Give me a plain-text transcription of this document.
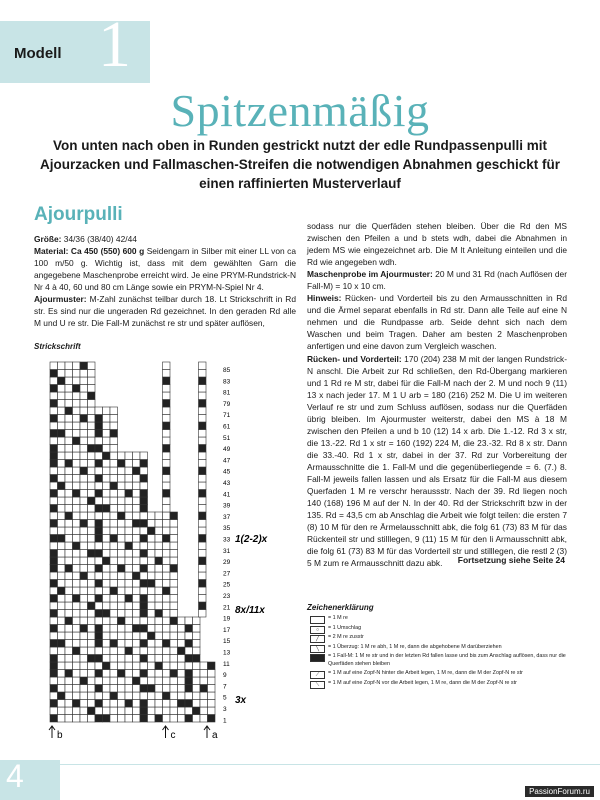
Modell 1
Spitzenmäßig
Von unten nach oben in Runden gestrickt nutzt der edle Rundpassenpulli mit Ajourzacken und Fallmaschen-Streifen die notwendigen Abnahmen geschickt für einen raffinierten Musterverlauf
Ajourpulli

Größe: 34/36 (38/40) 42/44

Material: Ca 450 (550) 600 g Seidengarn in Silber mit einer LL von ca 100 m/50 g. Wichtig ist, dass mit dem gewählten Garn die angegebene Maschenprobe erreicht wird. Je eine PRYM-Rundstrick-N Nr 4 à 40, 60 und 80 cm Länge sowie ein PRYM-N-Spiel Nr 4.

Ajourmuster: M-Zahl zunächst teilbar durch 18. Lt Strickschrift in Rd str. Es sind nur die ungeraden Rd gezeichnet. In den geraden Rd alle M und U re str. Die Fall-M zunächst re str und später auflösen,

sodass nur die Querfäden stehen bleiben. Über die Rd den MS zwischen den Pfeilen a und b stets wdh, dabei die Abnahmen in jedem MS wie eingezeichnet arb. Die M lt Anleitung einteilen und die Rd wie angegeben wdh.

Maschenprobe im Ajourmuster: 20 M und 31 Rd (nach Auflösen der Fall-M) = 10 x 10 cm.

Hinweis: Rücken- und Vorderteil bis zu den Armausschnitten in Rd und die Ärmel separat ebenfalls in Rd str. Dann alle Teile auf eine N nehmen und die Rundpasse arb. Seide dehnt sich nach dem Waschen und beim Tragen. Daher am besten 2 Maschenproben anfertigen und eine davon zum Vergleich waschen.

Rücken- und Vorderteil: 170 (204) 238 M mit der langen Rundstrick-N anschl. Die Arbeit zur Rd schließen, den Rd-Übergang markieren und 1 Rd re M str, dabei für die Fall-M nach der 2. M und noch 9 (11) 13 x nach jeder 17. M 1 U arb = 180 (216) 252 M. Die U im weiteren Verlauf re str und zum Schluss auflösen, sodass nur die Querfäden übrig bleiben. Im Ajourmuster weiterstr, dabei den MS à 18 M zwischen den Pfeilen a und b 10 (12) 14 x arb. Die 1.-12. Rd 3 x str, die 13.-22. Rd 1 x str = 160 (192) 224 M, die 23.-32. Rd 8 x str. Dann die 33.-40. Rd 1 x str, dabei in der 37. Rd zur Vorbereitung der Armausschnitte die 1. Fall-M und die gegenüberliegende = 6. (7.) 8. Fall-M jeweils fallen lassen und als Ersatz für die Fall-M aus diesem Querfaden 1 M re verschr heraussstr. Nach der 39. Rd liegen noch 140 (168) 196 M auf der N. In der 40. Rd der Strickschrift bzw in der 135. Rd = 43,5 cm ab Anschlag die Arbeit wie folgt teilen: die ersten 7 (8) 10 M für den re Ärmelausschnitt abk, die folg 61 (73) 83 M für das Rückenteil str und stilllegen, 9 (11) 15 M für den li Armausschnitt abk, die folg 61 (73) 83 M für das Vorderteil str und stilllegen, die restl 2 (3) 5 M zum re Armausschnitt dazu abk.	Fortsetzung siehe Seite 24
Strickschrift
85
83
81
79
71
61
51
49
47
45
43
41
39
37
35
33
31
29
27
25
23
21
19
17
15
13
11
9
7
5
3
1
1(2-2)x
8x/11x
3x
b	c	a
Zeichenerklärung
= 1 M re
○	= 1 Umschlag
╱	= 2 M re zusstr
╲	= 1 Überzug: 1 M re abh, 1 M re, dann die abgehobene M darüberziehen
= 1 Fall-M: 1 M re str und in der letzten Rd fallen lasse und bis zum Anschlag auflösen, dass nur die Querfäden stehen bleiben
⟋	= 1 M auf eine Zopf-N hinter die Arbeit legen, 1 M re, dann die M der Zopf-N re str
⟍	= 1 M auf eine Zopf-N vor die Arbeit legen, 1 M re, dann die M der Zopf-N re str
4	PassionForum.ru
